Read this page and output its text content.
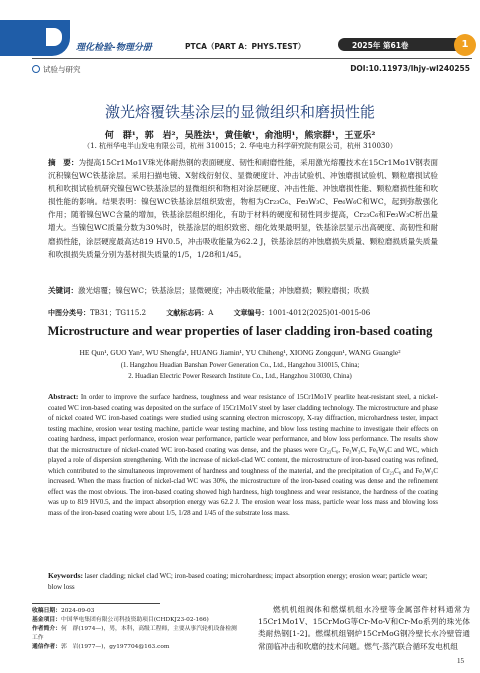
理化检验-物理分册	PTCA（PART A：PHYS.TEST）	2025年 第61卷	1
试验与研究	DOI:10.11973/lhjy-wl240255
激光熔覆铁基涂层的显微组织和磨损性能
何　群¹，郭　岩²，吴胜法¹，黄佳敏¹，俞池明¹，熊宗群¹，王亚乐²
（1. 杭州华电半山发电有限公司，杭州 310015；2. 华电电力科学研究院有限公司，杭州 310030）
摘　要：为提高15Cr1Mo1V珠光体耐热钢的表面硬度、韧性和耐磨性能，采用激光熔覆技术在15Cr1Mo1V钢表面沉积镍包WC铁基涂层。采用扫描电镜、X射线衍射仪、显微硬度计、冲击试验机、冲蚀磨损试验机、颗粒磨损试验机和吹损试验机研究镍包WC铁基涂层的显微组织和物相对涂层硬度、冲击性能、冲蚀磨损性能、颗粒磨损性能和吹损性能的影响。结果表明：镍包WC铁基涂层组织致密，物相为Cr₂₃C₆、Fe₃W₃C、Fe₆W₆C和WC，起到弥散强化作用；随着镍包WC含量的增加，铁基涂层组织细化，有助于材料的硬度和韧性同步提高，Cr₂₃C₆和Fe₃W₃C析出量增大。当镍包WC质量分数为30%时，铁基涂层的组织致密、细化效果最明显，铁基涂层显示出高硬度、高韧性和耐磨损性能，涂层硬度最高达819 HV0.5，冲击吸收能量为62.2 J，铁基涂层的冲蚀磨损失质量、颗粒磨损质量失质量和吹损损失质量分别为基材损失质量的1/5，1/28和1/45。
关键词：激光熔覆；镍包WC；铁基涂层；显微硬度；冲击吸收能量；冲蚀磨损；颗粒磨损；吹损
中图分类号：TB31；TG115.2	文献标志码：A	文章编号：1001-4012(2025)01-0015-06
Microstructure and wear properties of laser cladding iron-based coating
HE Qun¹, GUO Yan², WU Shengfa¹, HUANG Jiamin¹, YU Chiheng¹, XIONG Zongqun¹, WANG Guangle²
(1. Hangzhou Huadian Banshan Power Generation Co., Ltd., Hangzhou 310015, China;
2. Huadian Electric Power Research Institute Co., Ltd., Hangzhou 310030, China)
Abstract: In order to improve the surface hardness, toughness and wear resistance of 15Cr1Mo1V pearlite heat-resistant steel, a nickel-coated WC iron-based coating was deposited on the surface of 15Cr1Mo1V steel by laser cladding technology. The microstructure and phase of nickel coated WC iron-based coatings were studied using scanning electron microscopy, X-ray diffraction, microhardness tester, impact testing machine, erosion wear testing machine, particle wear testing machine, and blow loss testing machine to investigate their effects on coating hardness, impact performance, erosion wear performance, particle wear performance, and blow loss performance. The results show that the microstructure of nickel-coated WC iron-based coating was dense, and the phases were Cr₂₃C₆, Fe₃W₃C, Fe₆W₆C and WC, which played a role of dispersion strengthening. With the increase of nickel-clad WC content, the microstructure of iron-based coating was refined, which contributed to the simultaneous improvement of hardness and toughness of the material, and the precipitation of Cr₂₃C₆ and Fe₃W₃C increased. When the mass fraction of nickel-clad WC was 30%, the microstructure of the iron-based coating was dense and the refinement effect was the most obvious. The iron-based coating showed high hardness, high toughness and wear resistance, the hardness of the coating was up to 819 HV0.5, and the impact absorption energy was 62.2 J. The erosion wear loss mass, particle wear loss mass and blowing loss mass of the iron-based coating were about 1/5, 1/28 and 1/45 of the substrate loss mass.
Keywords: laser cladding; nickel clad WC; iron-based coating; microhardness; impact absorption energy; erosion wear; particle wear; blow loss
收稿日期：2024-09-03
基金项目：中国华电集团有限公司科技资助项目(CHDKJ23-02-166)
作者简介：何　群(1974—)，男，本科，高级工程师，主要从事汽轮机设备检测工作
通信作者：郭　岩(1977—)，gy197704@163.com
燃机机组阀体和燃煤机组水冷壁等金属部件材料通常为15Cr1Mo1V、15CrMoG等Cr-Mo-V和Cr-Mo系列的珠光体类耐热钢[1-2]。燃煤机组钢炉15CrMoG钢冷壁长水冷壁管通常面临冲击和吹磨的技术问题。燃气-蒸汽联合循环发电机组
15
